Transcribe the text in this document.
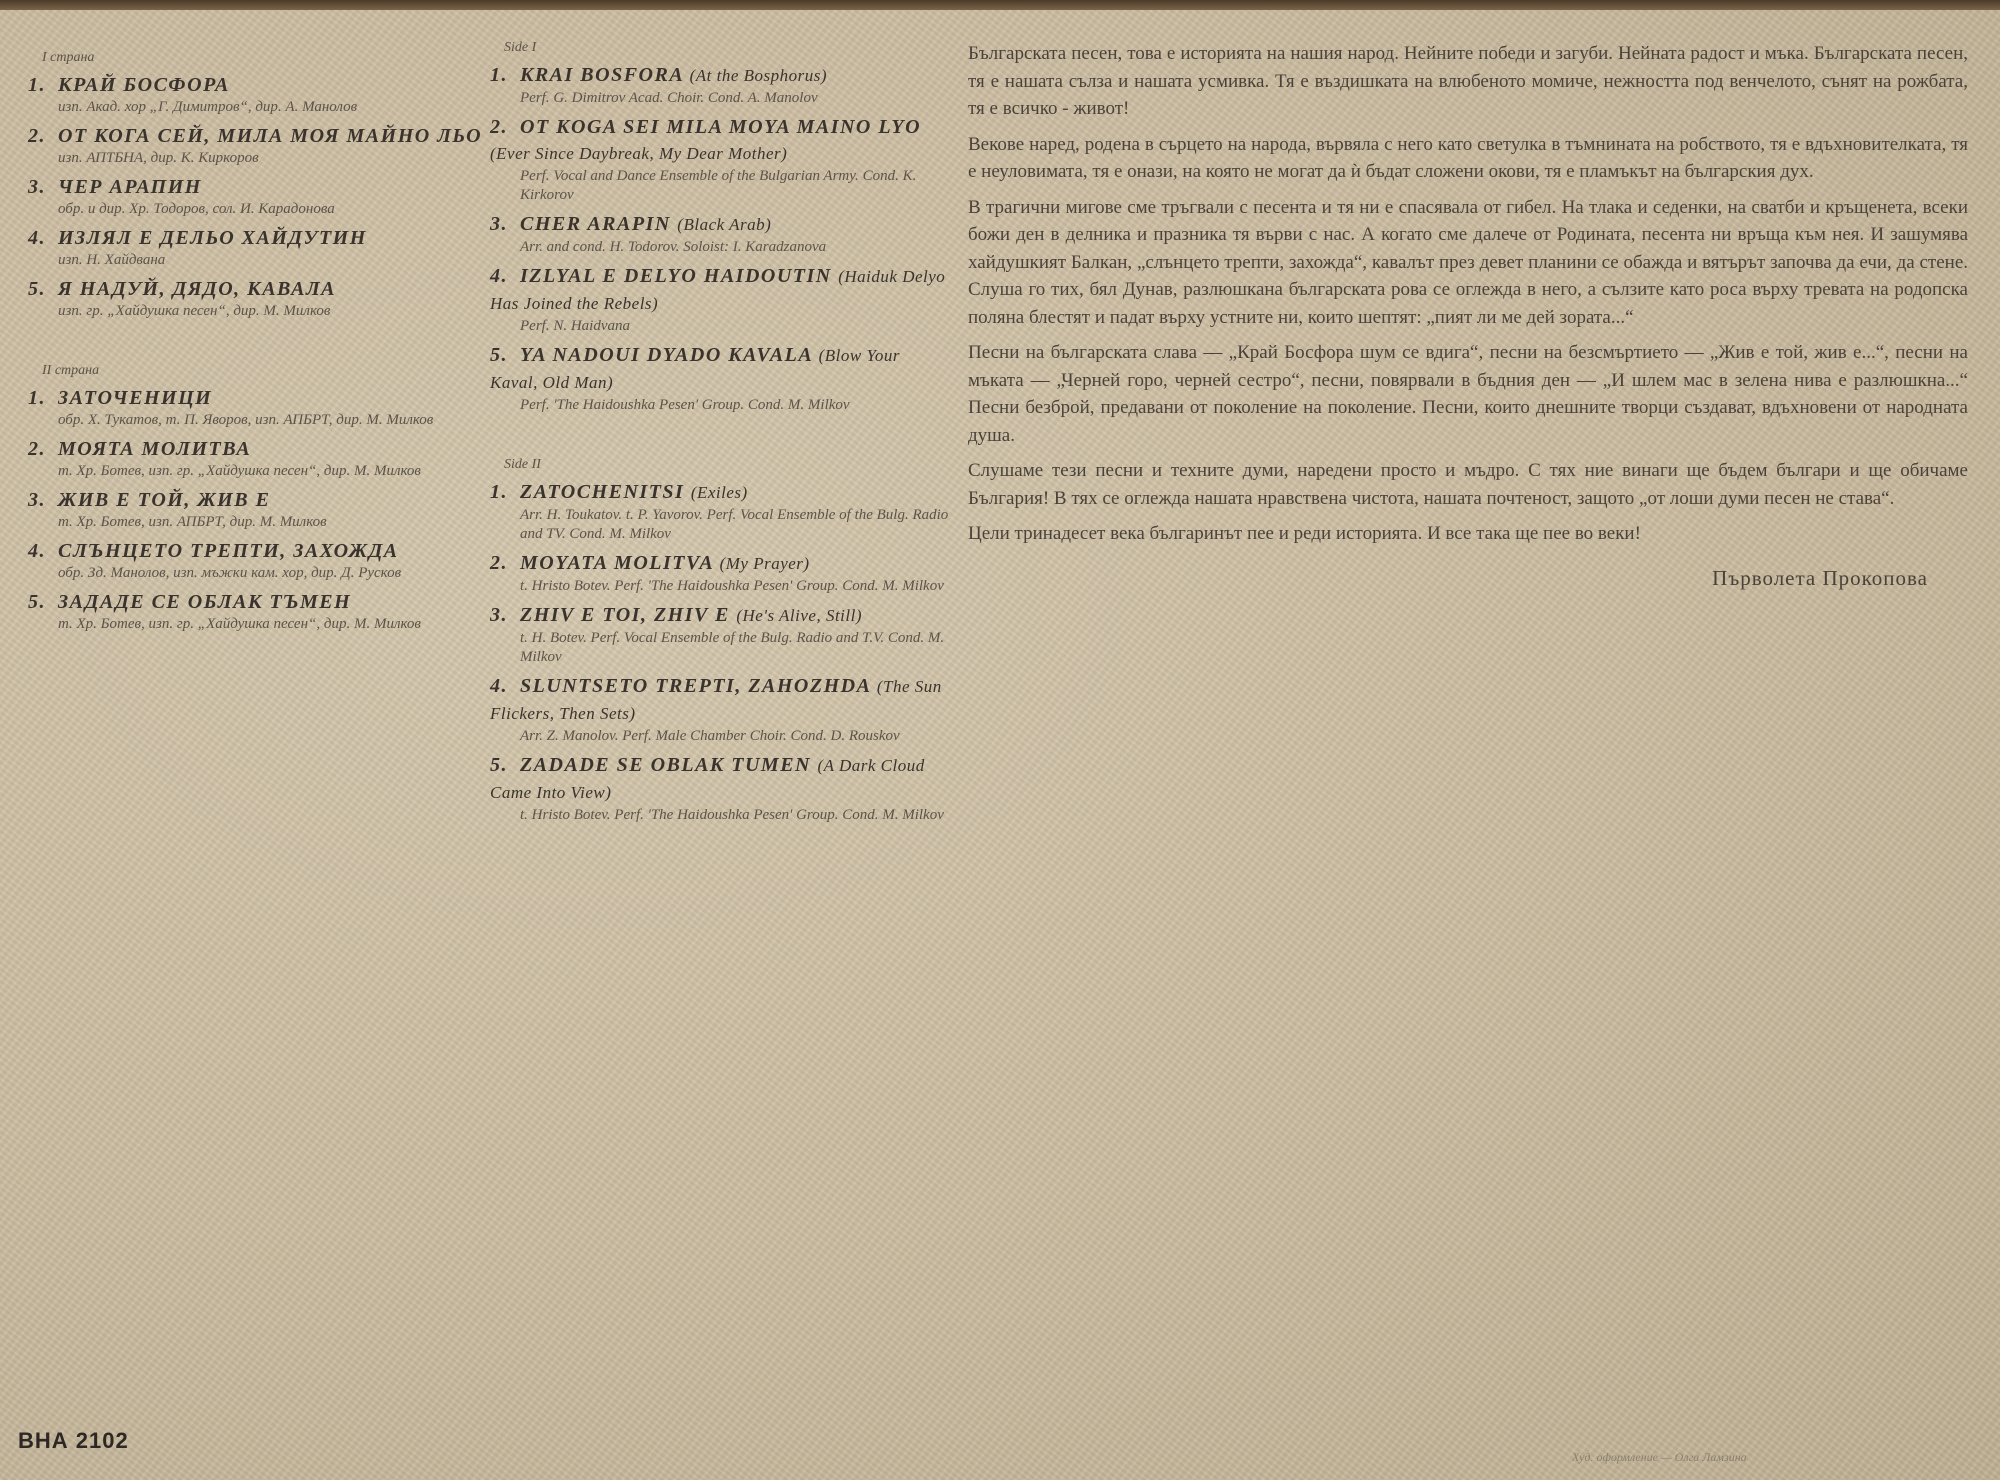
I страна
1. КРАЙ БОСФОРА
изп. Акад. хор „Г. Димитров“, дир. А. Манолов
2. ОТ КОГА СЕЙ, МИЛА МОЯ МАЙНО ЛЬО
изп. АПТБНА, дир. К. Киркоров
3. ЧЕР АРАПИН
обр. и дир. Хр. Тодоров, сол. И. Карадонова
4. ИЗЛЯЛ Е ДЕЛЬО ХАЙДУТИН
изп. Н. Хайдвана
5. Я НАДУЙ, ДЯДО, КАВАЛА
изп. гр. „Хайдушка песен“, дир. М. Милков
II страна
1. ЗАТОЧЕНИЦИ
обр. Х. Тукатов, т. П. Яворов, изп. АПБРТ, дир. М. Милков
2. МОЯТА МОЛИТВА
т. Хр. Ботев, изп. гр. „Хайдушка песен“, дир. М. Милков
3. ЖИВ Е ТОЙ, ЖИВ Е
т. Хр. Ботев, изп. АПБРТ, дир. М. Милков
4. СЛЪНЦЕТО ТРЕПТИ, ЗАХОЖДА
обр. Зд. Манолов, изп. мъжки кам. хор, дир. Д. Русков
5. ЗАДАДЕ СЕ ОБЛАК ТЪМЕН
т. Хр. Ботев, изп. гр. „Хайдушка песен“, дир. М. Милков
Side I
1. KRAI BOSFORA (At the Bosphorus)
Perf. G. Dimitrov Acad. Choir. Cond. A. Manolov
2. OT KOGA SEI MILA MOYA MAINO LYO (Ever Since Daybreak, My Dear Mother)
Perf. Vocal and Dance Ensemble of the Bulgarian Army. Cond. K. Kirkorov
3. CHER ARAPIN (Black Arab)
Arr. and cond. H. Todorov. Soloist: I. Karadzanova
4. IZLYAL E DELYO HAIDOUTIN (Haiduk Delyo Has Joined the Rebels)
Perf. N. Haidvana
5. YA NADOUI DYADO KAVALA (Blow Your Kaval, Old Man)
Perf. 'The Haidoushka Pesen' Group. Cond. M. Milkov
Side II
1. ZATOCHENITSI (Exiles)
Arr. H. Toukatov. t. P. Yavorov. Perf. Vocal Ensemble of the Bulg. Radio and TV. Cond. M. Milkov
2. MOYATA MOLITVA (My Prayer)
t. Hristo Botev. Perf. 'The Haidoushka Pesen' Group. Cond. M. Milkov
3. ZHIV E TOI, ZHIV E (He's Alive, Still)
t. H. Botev. Perf. Vocal Ensemble of the Bulg. Radio and T.V. Cond. M. Milkov
4. SLUNTSETO TREPTI, ZAHOZHDA (The Sun Flickers, Then Sets)
Arr. Z. Manolov. Perf. Male Chamber Choir. Cond. D. Rouskov
5. ZADADE SE OBLAK TUMEN (A Dark Cloud Came Into View)
t. Hristo Botev. Perf. 'The Haidoushka Pesen' Group. Cond. M. Milkov

Българската песен, това е историята на нашия народ. Нейните победи и загуби. Нейната радост и мъка. Българската песен, тя е нашата сълза и нашата усмивка. Тя е въздишката на влюбеното момиче, нежността под венчелото, сънят на рожбата, тя е всичко - живот!

Векове наред, родена в сърцето на народа, вървяла с него като светулка в тъмнината на робството, тя е вдъхновителката, тя е неуловимата, тя е онази, на която не могат да ѝ бъдат сложени окови, тя е пламъкът на българския дух.

В трагични мигове сме тръгвали с песента и тя ни е спасявала от гибел. На тлака и седенки, на сватби и кръщенета, всеки божи ден в делника и празника тя върви с нас. А когато сме далече от Родината, песента ни връща към нея. И зашумява хайдушкият Балкан, „слънцето трепти, захожда“, кавалът през девет планини се обажда и вятърът започва да ечи, да стене. Слуша го тих, бял Дунав, разлюшкана българската рова се оглежда в него, а сълзите като роса върху тревата на родопска поляна блестят и падат върху устните ни, които шептят: „пият ли ме дей зората...“

Песни на българската слава — „Край Босфора шум се вдига“, песни на безсмъртието — „Жив е той, жив е...“, песни на мъката — „Черней горо, черней сестро“, песни, повярвали в бъдния ден — „И шлем мас в зелена нива е разлюшкна...“ Песни безброй, предавани от поколение на поколение. Песни, които днешните творци създават, вдъхновени от народната душа.

Слушаме тези песни и техните думи, наредени просто и мъдро. С тях ние винаги ще бъдем българи и ще обичаме България! В тях се оглежда нашата нравствена чистота, нашата почтеност, защото „от лоши думи песен не става“.

Цели тринадесет века българинът пее и реди историята. И все така ще пее во веки!

Първолета Прокопова
ВНА 2102
Худ. оформление — Олга Ламзина
